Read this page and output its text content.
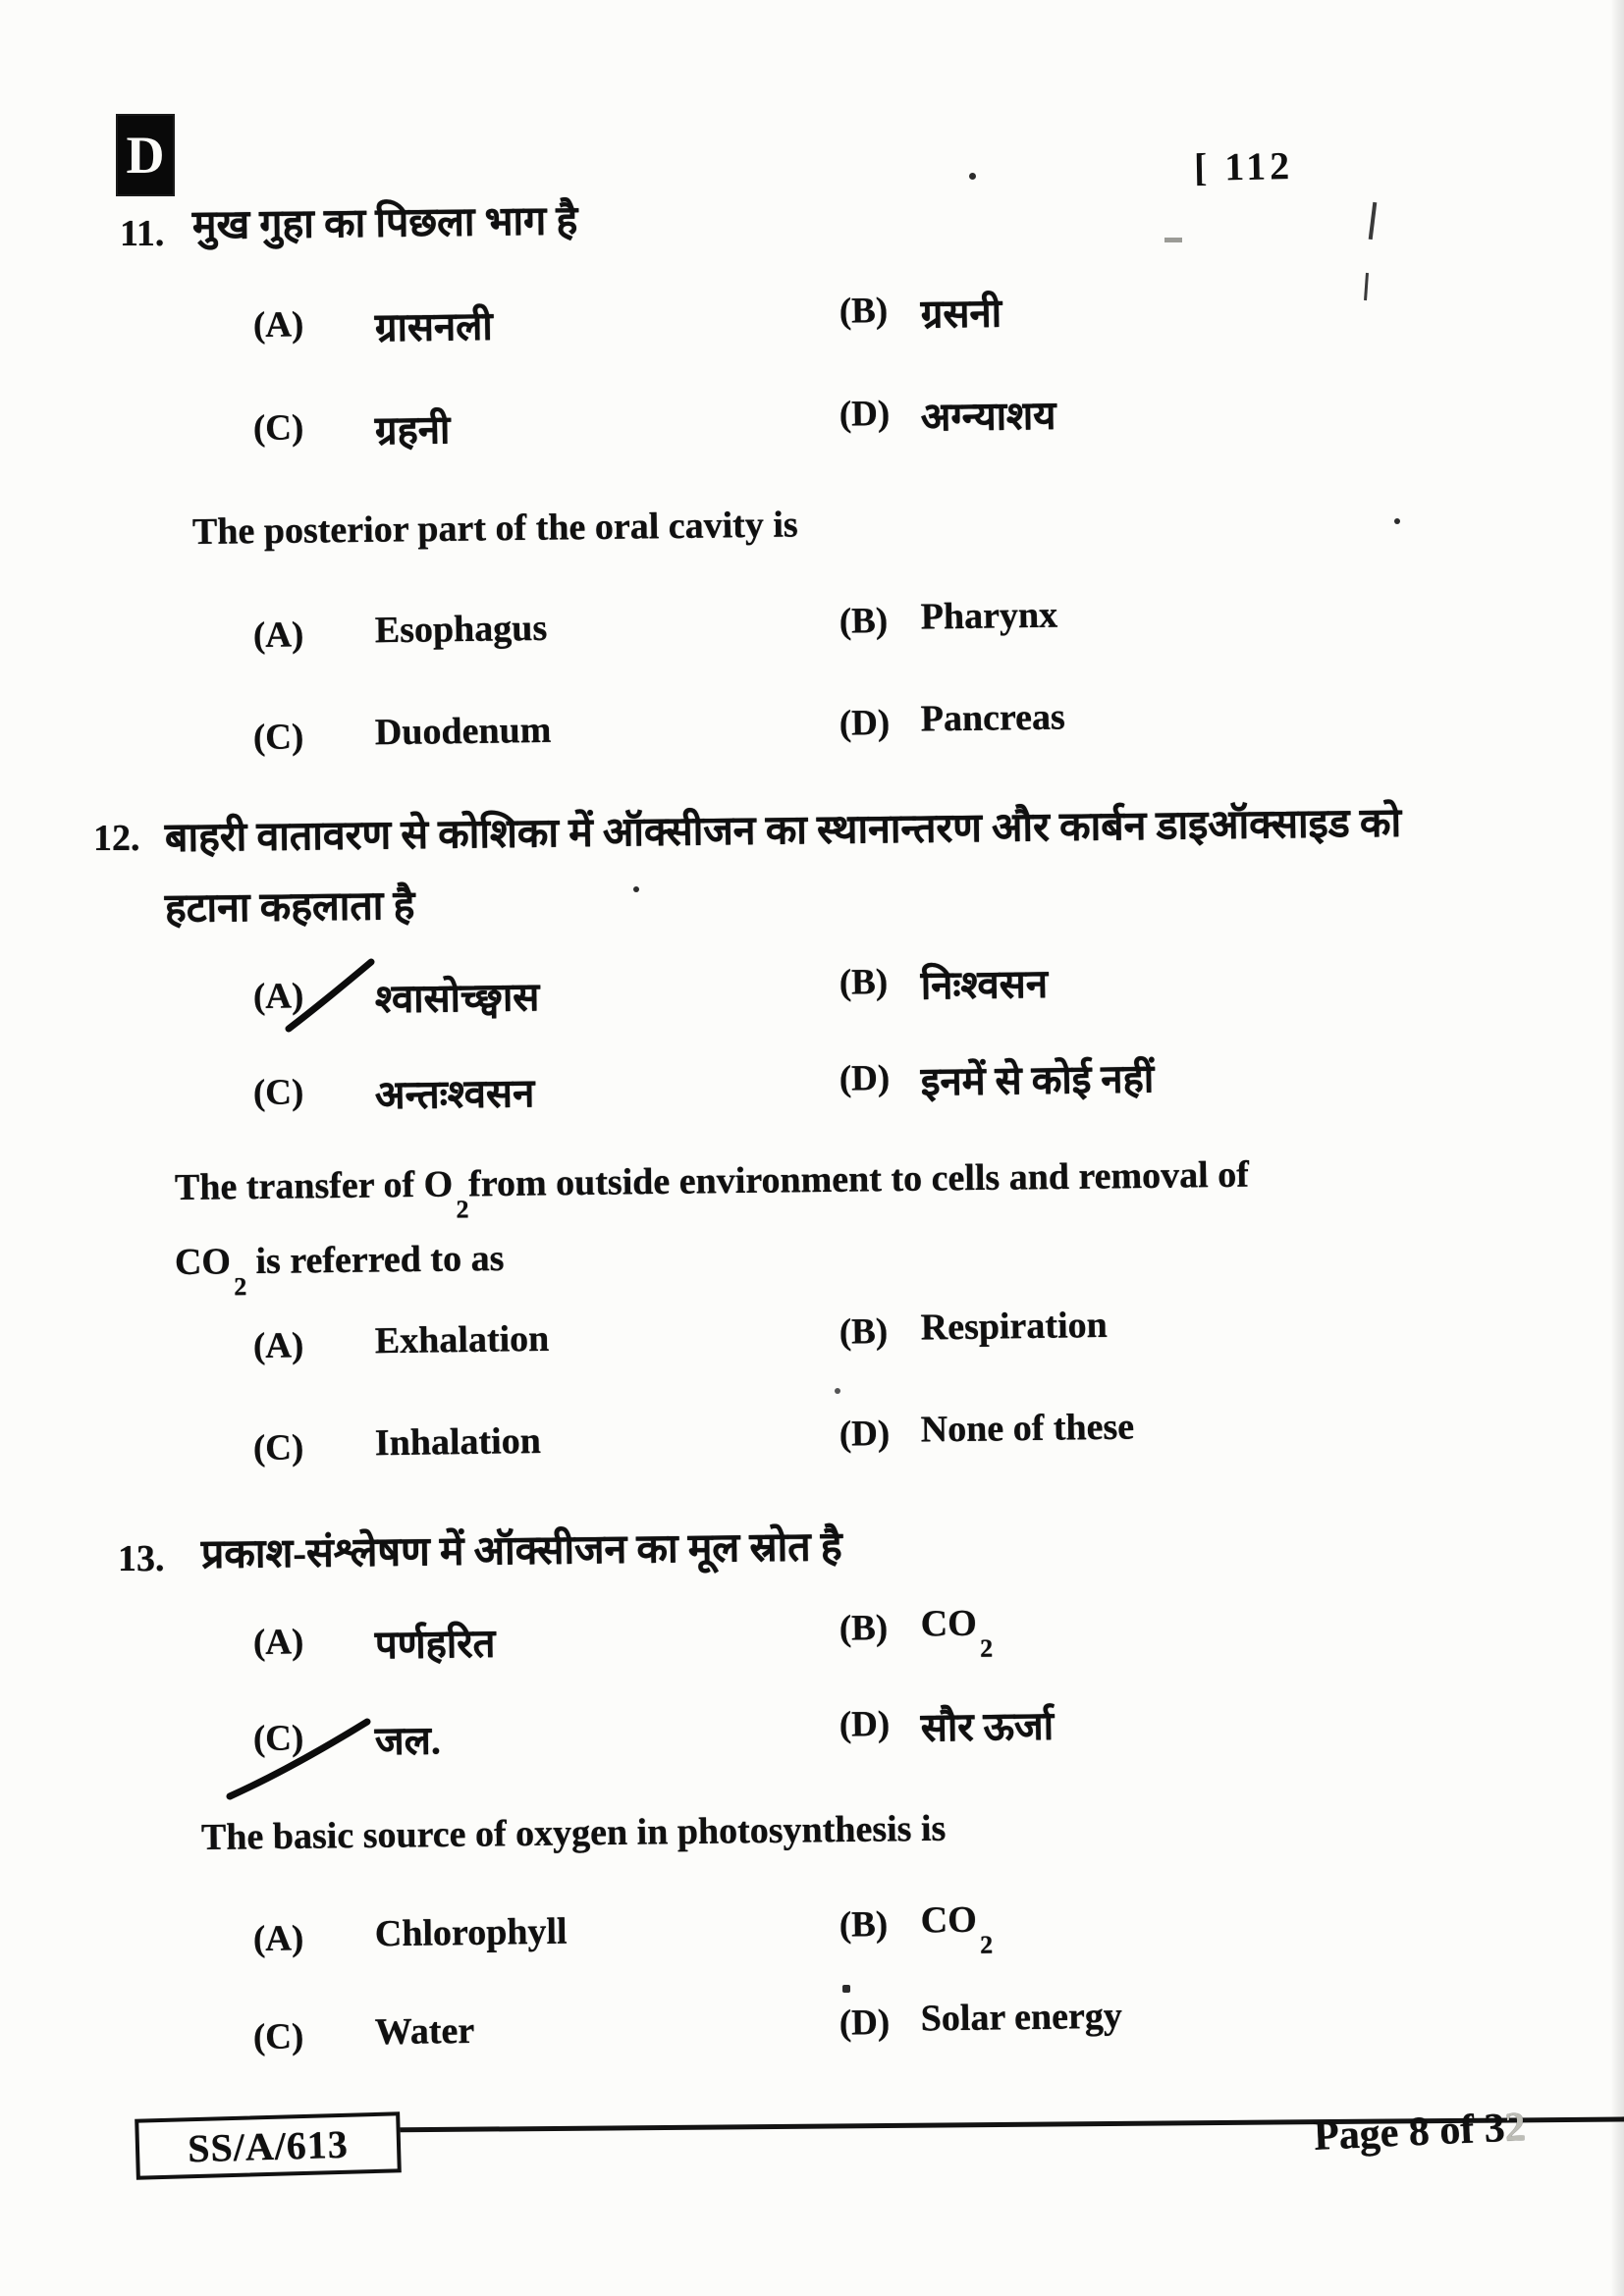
D	[ 112
11. मुख गुहा का पिछला भाग है
(A) ग्रासनली	(B) ग्रसनी
(C) ग्रहनी	(D) अग्न्याशय
The posterior part of the oral cavity is
(A) Esophagus	(B) Pharynx
(C) Duodenum	(D) Pancreas
12. बाहरी वातावरण से कोशिका में ऑक्सीजन का स्थानान्तरण और कार्बन डाइऑक्साइड को
हटाना कहलाता है
(A) श्वासोच्छ्वास	(B) निःश्वसन
(C) अन्तःश्वसन	(D) इनमें से कोई नहीं
The transfer of $O_2from$ outside environment to cells and removal of
$CO_2$ is referred to as
(A) Exhalation	(B) Respiration
(C) Inhalation	(D) None of these
13. प्रकाश-संश्लेषण में ऑक्सीजन का मूल स्रोत है
(A) पर्णहरित	(B) $CO_2$
(C) जल.	(D) सौर ऊर्जा
The basic source of oxygen in photosynthesis is
(A) Chlorophyll	(B) $CO_2$
(C) Water	(D) Solar energy
SS/A/613	Page 8 of 32
